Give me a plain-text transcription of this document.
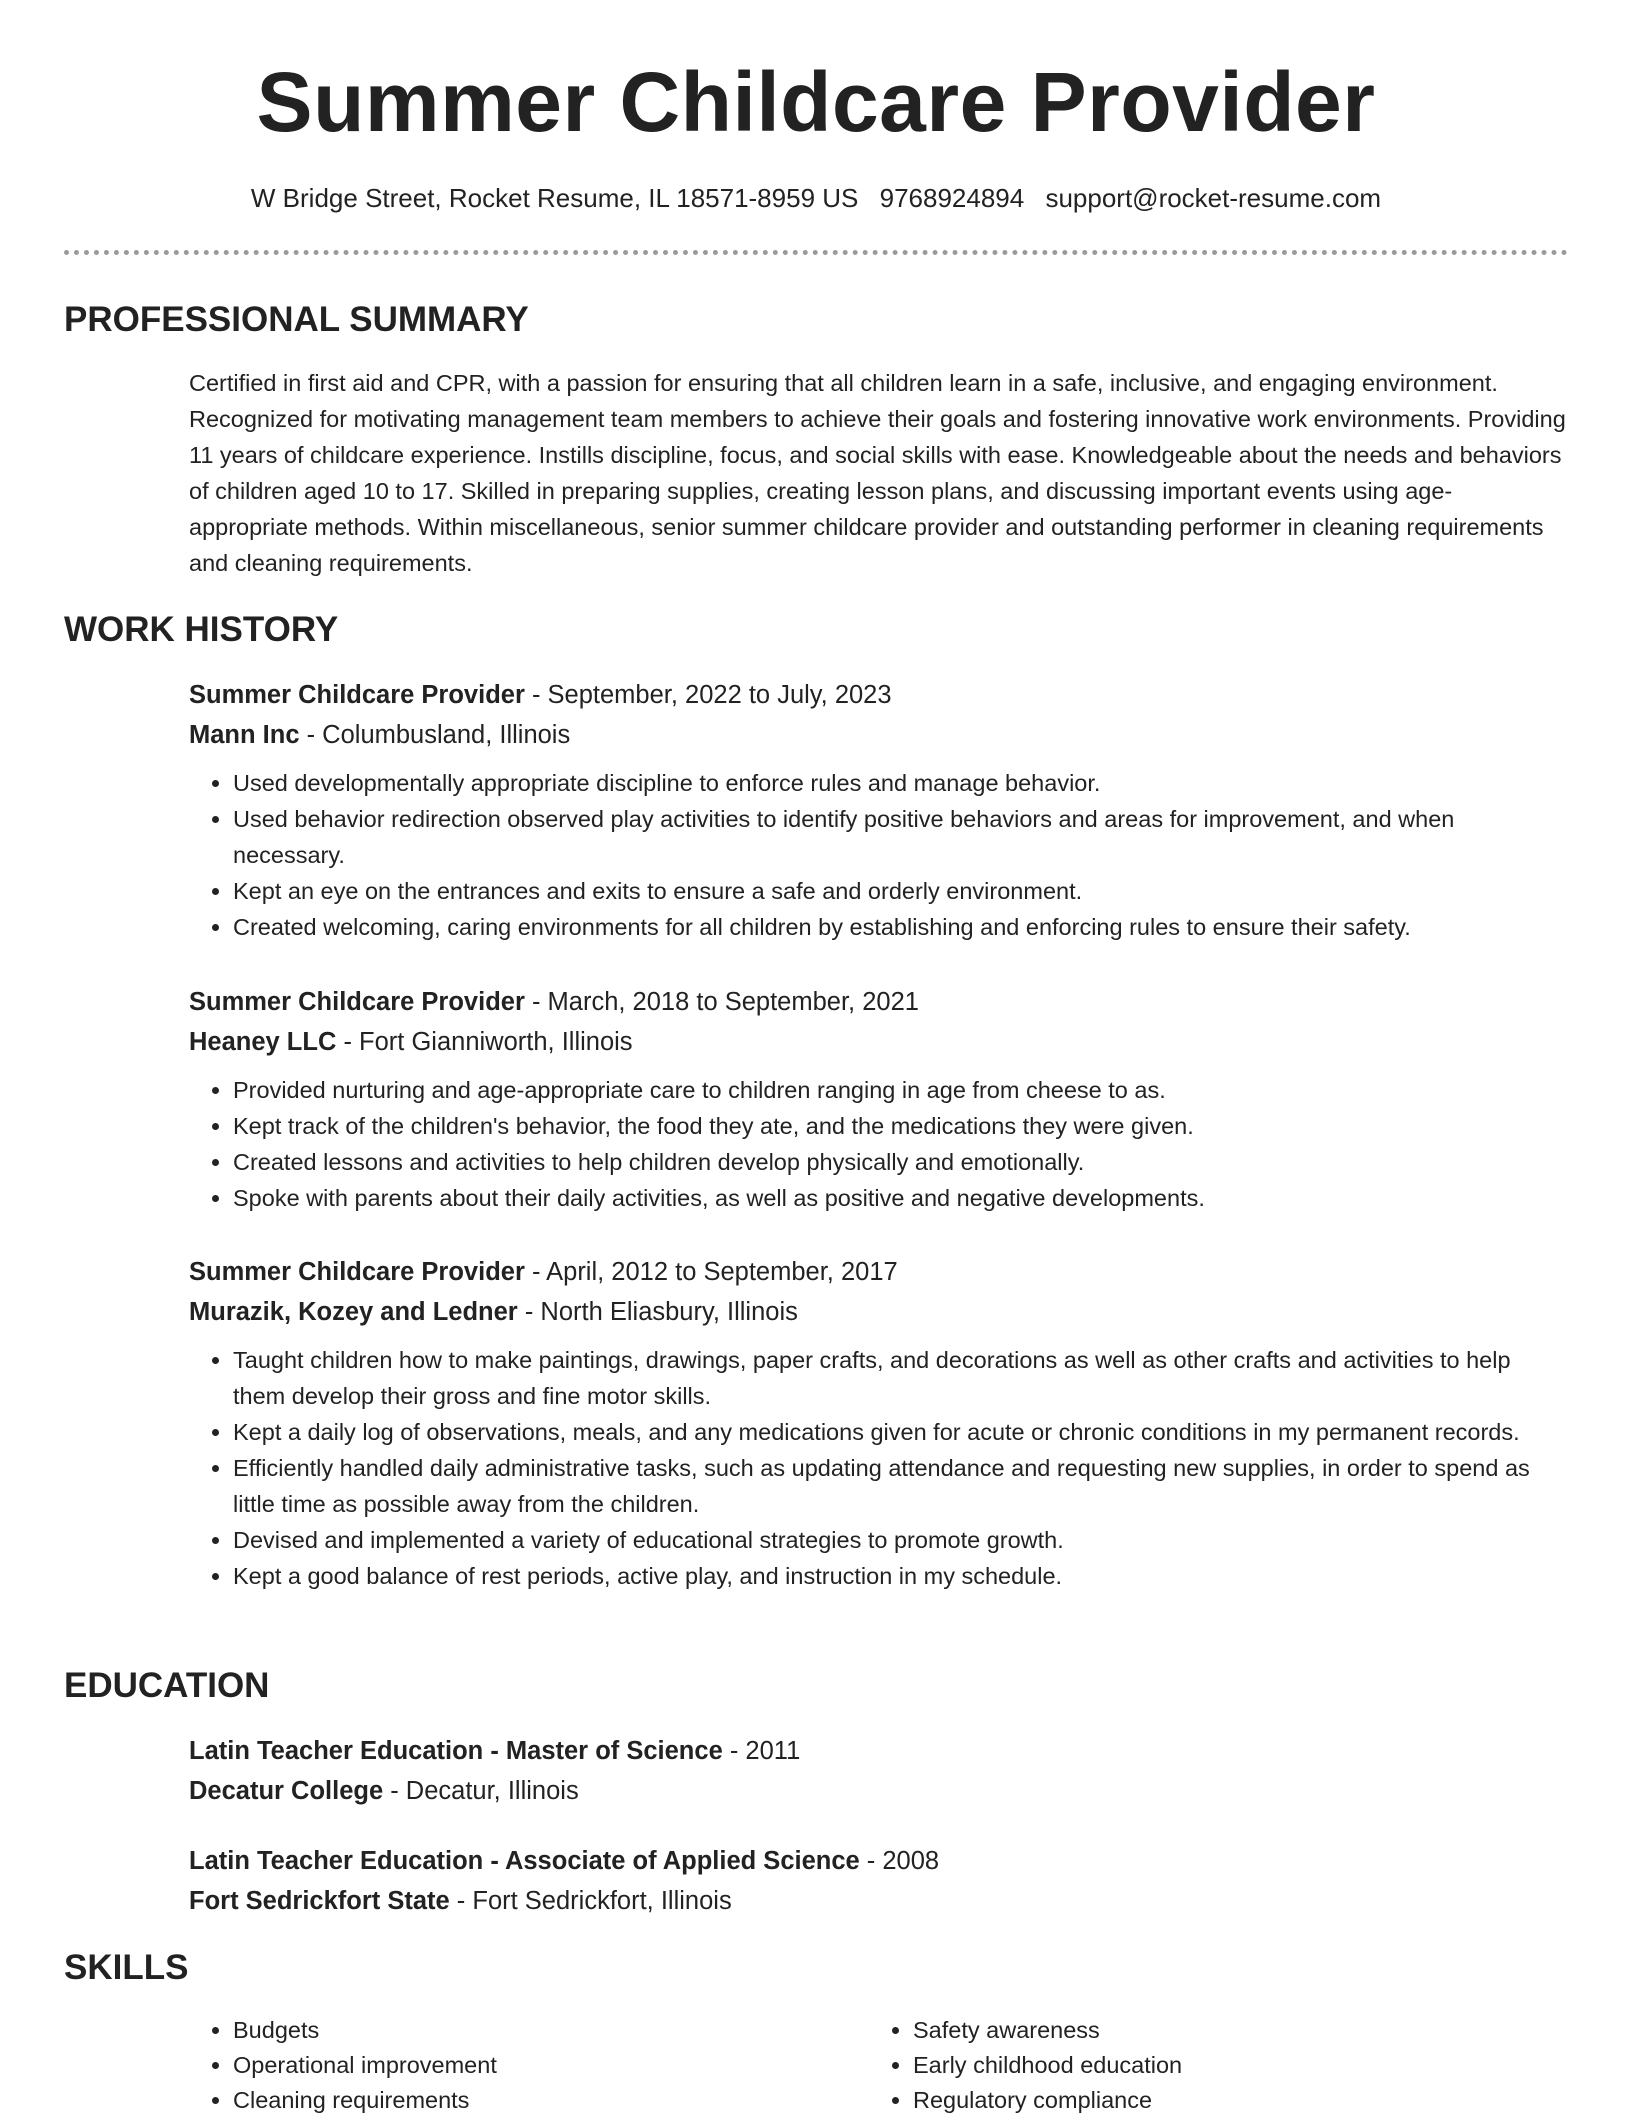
Summer Childcare Provider
W Bridge Street, Rocket Resume, IL 18571-8959 US 9768924894 support@rocket-resume.com
PROFESSIONAL SUMMARY

Certified in first aid and CPR, with a passion for ensuring that all children learn in a safe, inclusive, and engaging environment. Recognized for motivating management team members to achieve their goals and fostering innovative work environments. Providing 11 years of childcare experience. Instills discipline, focus, and social skills with ease. Knowledgeable about the needs and behaviors of children aged 10 to 17. Skilled in preparing supplies, creating lesson plans, and discussing important events using age-appropriate methods. Within miscellaneous, senior summer childcare provider and outstanding performer in cleaning requirements and cleaning requirements.

WORK HISTORY
Summer Childcare Provider - September, 2022 to July, 2023
Mann Inc - Columbusland, Illinois
• Used developmentally appropriate discipline to enforce rules and manage behavior.
• Used behavior redirection observed play activities to identify positive behaviors and areas for improvement, and when necessary.
• Kept an eye on the entrances and exits to ensure a safe and orderly environment.
• Created welcoming, caring environments for all children by establishing and enforcing rules to ensure their safety.
Summer Childcare Provider - March, 2018 to September, 2021
Heaney LLC - Fort Gianniworth, Illinois
• Provided nurturing and age-appropriate care to children ranging in age from cheese to as.
• Kept track of the children's behavior, the food they ate, and the medications they were given.
• Created lessons and activities to help children develop physically and emotionally.
• Spoke with parents about their daily activities, as well as positive and negative developments.
Summer Childcare Provider - April, 2012 to September, 2017
Murazik, Kozey and Ledner - North Eliasbury, Illinois
• Taught children how to make paintings, drawings, paper crafts, and decorations as well as other crafts and activities to help them develop their gross and fine motor skills.
• Kept a daily log of observations, meals, and any medications given for acute or chronic conditions in my permanent records.
• Efficiently handled daily administrative tasks, such as updating attendance and requesting new supplies, in order to spend as little time as possible away from the children.
• Devised and implemented a variety of educational strategies to promote growth.
• Kept a good balance of rest periods, active play, and instruction in my schedule.
EDUCATION
Latin Teacher Education - Master of Science - 2011
Decatur College - Decatur, Illinois
Latin Teacher Education - Associate of Applied Science - 2008
Fort Sedrickfort State - Fort Sedrickfort, Illinois
SKILLS
• Budgets
• Operational improvement
• Cleaning requirements
• Safety awareness
• Early childhood education
• Regulatory compliance
